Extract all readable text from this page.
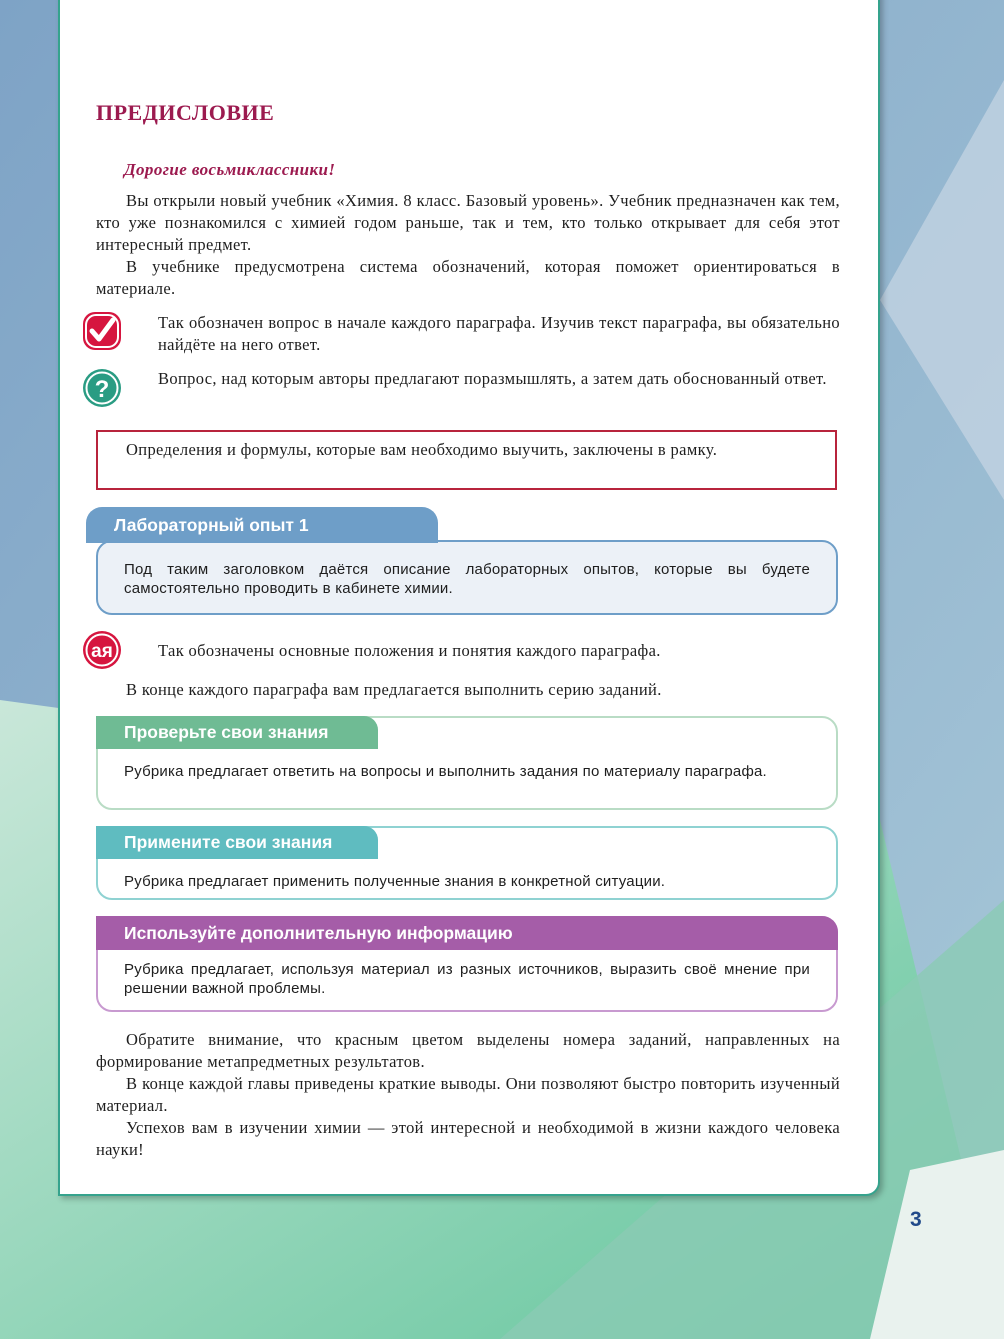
ПРЕДИСЛОВИЕ
Дорогие восьмиклассники!
Вы открыли новый учебник «Химия. 8 класс. Базовый уровень». Учебник предназначен как тем, кто уже познакомился с химией годом раньше, так и тем, кто только открывает для себя этот интересный предмет.
В учебнике предусмотрена система обозначений, которая поможет ориентироваться в материале.
Так обозначен вопрос в начале каждого параграфа. Изучив текст параграфа, вы обязательно найдёте на него ответ.
?	Вопрос, над которым авторы предлагают поразмышлять, а затем дать обоснованный ответ.
Определения и формулы, которые вам необходимо выучить, заключены в рамку.
Под таким заголовком даётся описание лабораторных опытов, которые вы будете самостоятельно проводить в кабинете химии.
Лабораторный опыт 1
ая	Так обозначены основные положения и понятия каждого параграфа.
В конце каждого параграфа вам предлагается выполнить серию заданий.
Рубрика предлагает ответить на вопросы и выполнить задания по материалу параграфа.
Проверьте свои знания
Рубрика предлагает применить полученные знания в конкретной ситуации.
Примените свои знания
Рубрика предлагает, используя материал из разных источников, выразить своё мнение при решении важной проблемы.
Используйте дополнительную информацию
Обратите внимание, что красным цветом выделены номера заданий, направленных на формирование метапредметных результатов.
В конце каждой главы приведены краткие выводы. Они позволяют быстро повторить изученный материал.
Успехов вам в изучении химии — этой интересной и необходимой в жизни каждого человека науки!
3
